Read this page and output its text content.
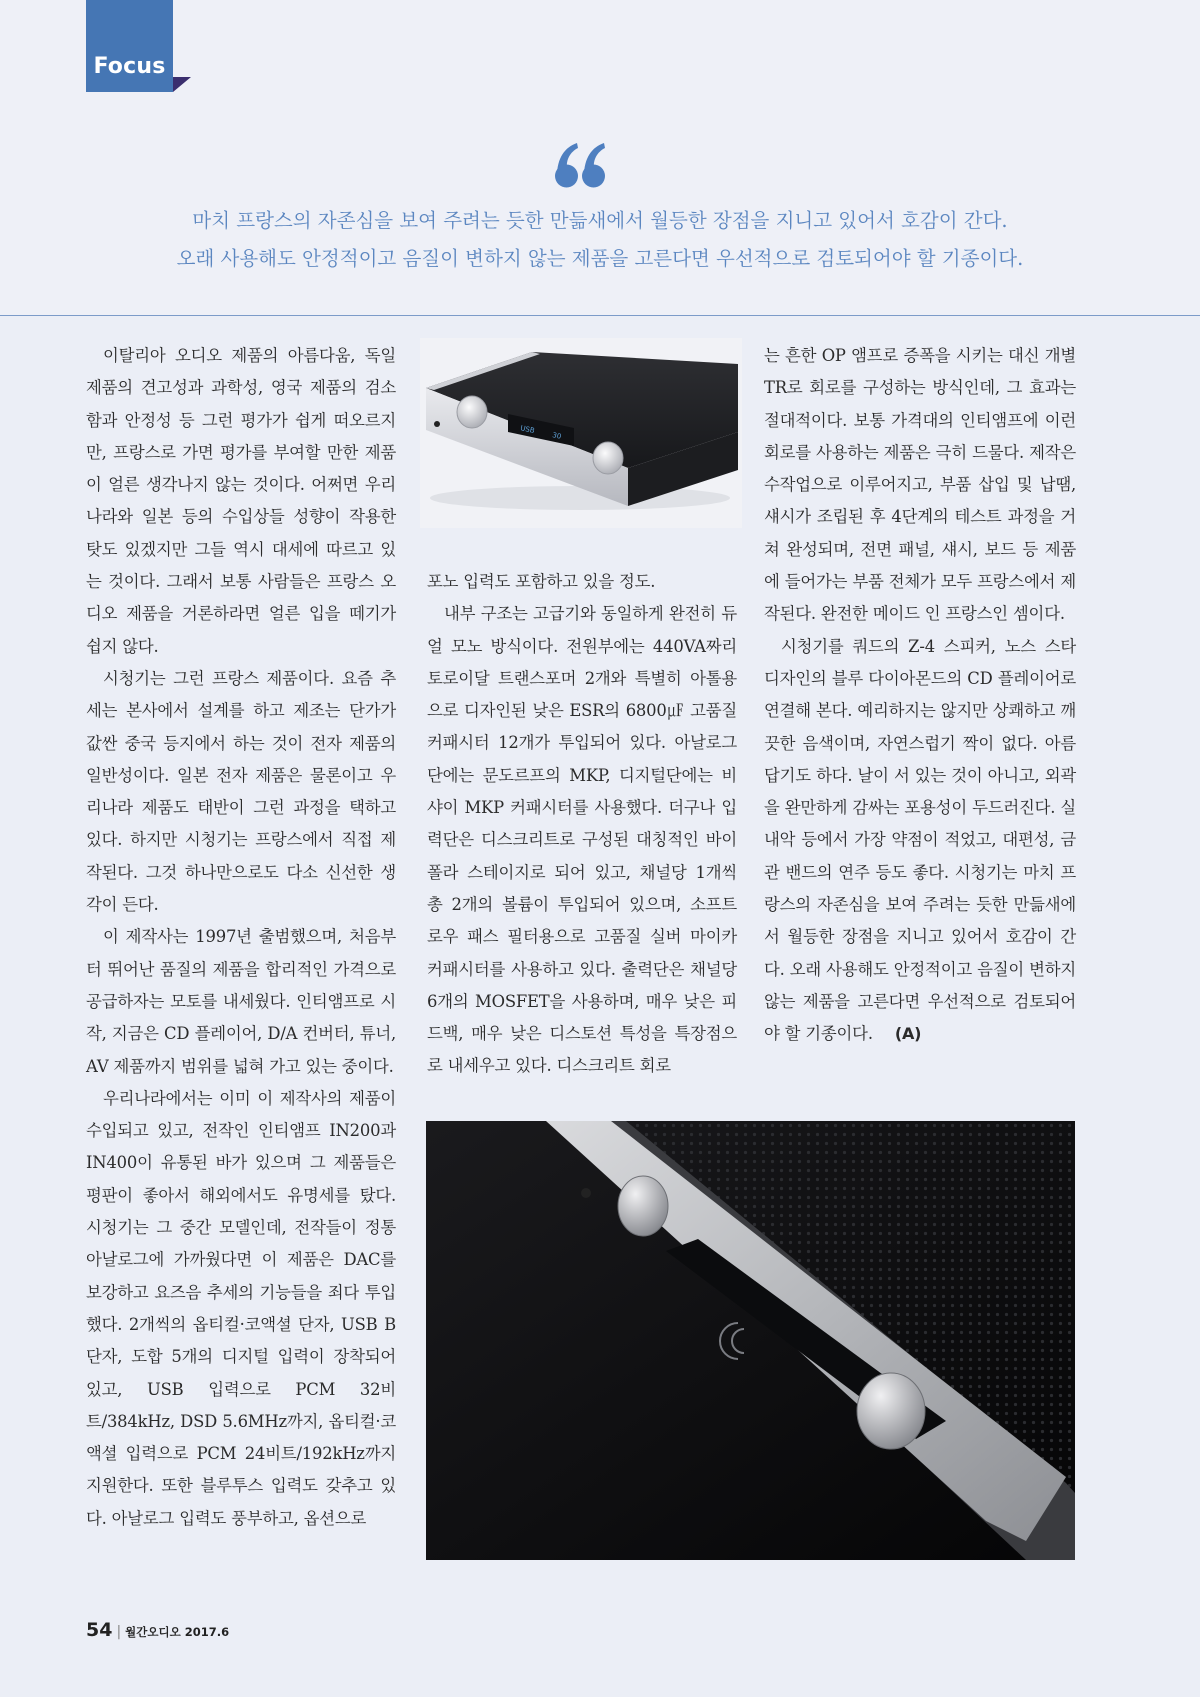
Focus
마치 프랑스의 자존심을 보여 주려는 듯한 만듦새에서 월등한 장점을 지니고 있어서 호감이 간다.
오래 사용해도 안정적이고 음질이 변하지 않는 제품을 고른다면 우선적으로 검토되어야 할 기종이다.

이탈리아 오디오 제품의 아름다움, 독일 제품의 견고성과 과학성, 영국 제품의 검소함과 안정성 등 그런 평가가 쉽게 떠오르지만, 프랑스로 가면 평가를 부여할 만한 제품이 얼른 생각나지 않는 것이다. 어쩌면 우리나라와 일본 등의 수입상들 성향이 작용한 탓도 있겠지만 그들 역시 대세에 따르고 있는 것이다. 그래서 보통 사람들은 프랑스 오디오 제품을 거론하라면 얼른 입을 떼기가 쉽지 않다.

시청기는 그런 프랑스 제품이다. 요즘 추세는 본사에서 설계를 하고 제조는 단가가 값싼 중국 등지에서 하는 것이 전자 제품의 일반성이다. 일본 전자 제품은 물론이고 우리나라 제품도 태반이 그런 과정을 택하고 있다. 하지만 시청기는 프랑스에서 직접 제작된다. 그것 하나만으로도 다소 신선한 생각이 든다.

이 제작사는 1997년 출범했으며, 처음부터 뛰어난 품질의 제품을 합리적인 가격으로 공급하자는 모토를 내세웠다. 인티앰프로 시작, 지금은 CD 플레이어, D/A 컨버터, 튜너, AV 제품까지 범위를 넓혀 가고 있는 중이다.

우리나라에서는 이미 이 제작사의 제품이 수입되고 있고, 전작인 인티앰프 IN200과 IN400이 유통된 바가 있으며 그 제품들은 평판이 좋아서 해외에서도 유명세를 탔다. 시청기는 그 중간 모델인데, 전작들이 정통 아날로그에 가까웠다면 이 제품은 DAC를 보강하고 요즈음 추세의 기능들을 죄다 투입했다. 2개씩의 옵티컬·코액셜 단자, USB B 단자, 도합 5개의 디지털 입력이 장착되어 있고, USB 입력으로 PCM 32비트/384kHz, DSD 5.6MHz까지, 옵티컬·코액셜 입력으로 PCM 24비트/192kHz까지 지원한다. 또한 블루투스 입력도 갖추고 있다. 아날로그 입력도 풍부하고, 옵션으로

USB
30

포노 입력도 포함하고 있을 정도.

내부 구조는 고급기와 동일하게 완전히 듀얼 모노 방식이다. 전원부에는 440VA짜리 토로이달 트랜스포머 2개와 특별히 아톨용으로 디자인된 낮은 ESR의 6800㎌ 고품질 커패시터 12개가 투입되어 있다. 아날로그단에는 문도르프의 MKP, 디지털단에는 비샤이 MKP 커패시터를 사용했다. 더구나 입력단은 디스크리트로 구성된 대칭적인 바이폴라 스테이지로 되어 있고, 채널당 1개씩 총 2개의 볼륨이 투입되어 있으며, 소프트 로우 패스 필터용으로 고품질 실버 마이카 커패시터를 사용하고 있다. 출력단은 채널당 6개의 MOSFET을 사용하며, 매우 낮은 피드백, 매우 낮은 디스토션 특성을 특장점으로 내세우고 있다. 디스크리트 회로

는 흔한 OP 앰프로 증폭을 시키는 대신 개별 TR로 회로를 구성하는 방식인데, 그 효과는 절대적이다. 보통 가격대의 인티앰프에 이런 회로를 사용하는 제품은 극히 드물다. 제작은 수작업으로 이루어지고, 부품 삽입 및 납땜, 섀시가 조립된 후 4단계의 테스트 과정을 거쳐 완성되며, 전면 패널, 섀시, 보드 등 제품에 들어가는 부품 전체가 모두 프랑스에서 제작된다. 완전한 메이드 인 프랑스인 셈이다.

시청기를 쿼드의 Z-4 스피커, 노스 스타 디자인의 블루 다이아몬드의 CD 플레이어로 연결해 본다. 예리하지는 않지만 상쾌하고 깨끗한 음색이며, 자연스럽기 짝이 없다. 아름답기도 하다. 날이 서 있는 것이 아니고, 외곽을 완만하게 감싸는 포용성이 두드러진다. 실내악 등에서 가장 약점이 적었고, 대편성, 금관 밴드의 연주 등도 좋다. 시청기는 마치 프랑스의 자존심을 보여 주려는 듯한 만듦새에서 월등한 장점을 지니고 있어서 호감이 간다. 오래 사용해도 안정적이고 음질이 변하지 않는 제품을 고른다면 우선적으로 검토되어야 할 기종이다. (A)

54 | 월간오디오 2017.6
